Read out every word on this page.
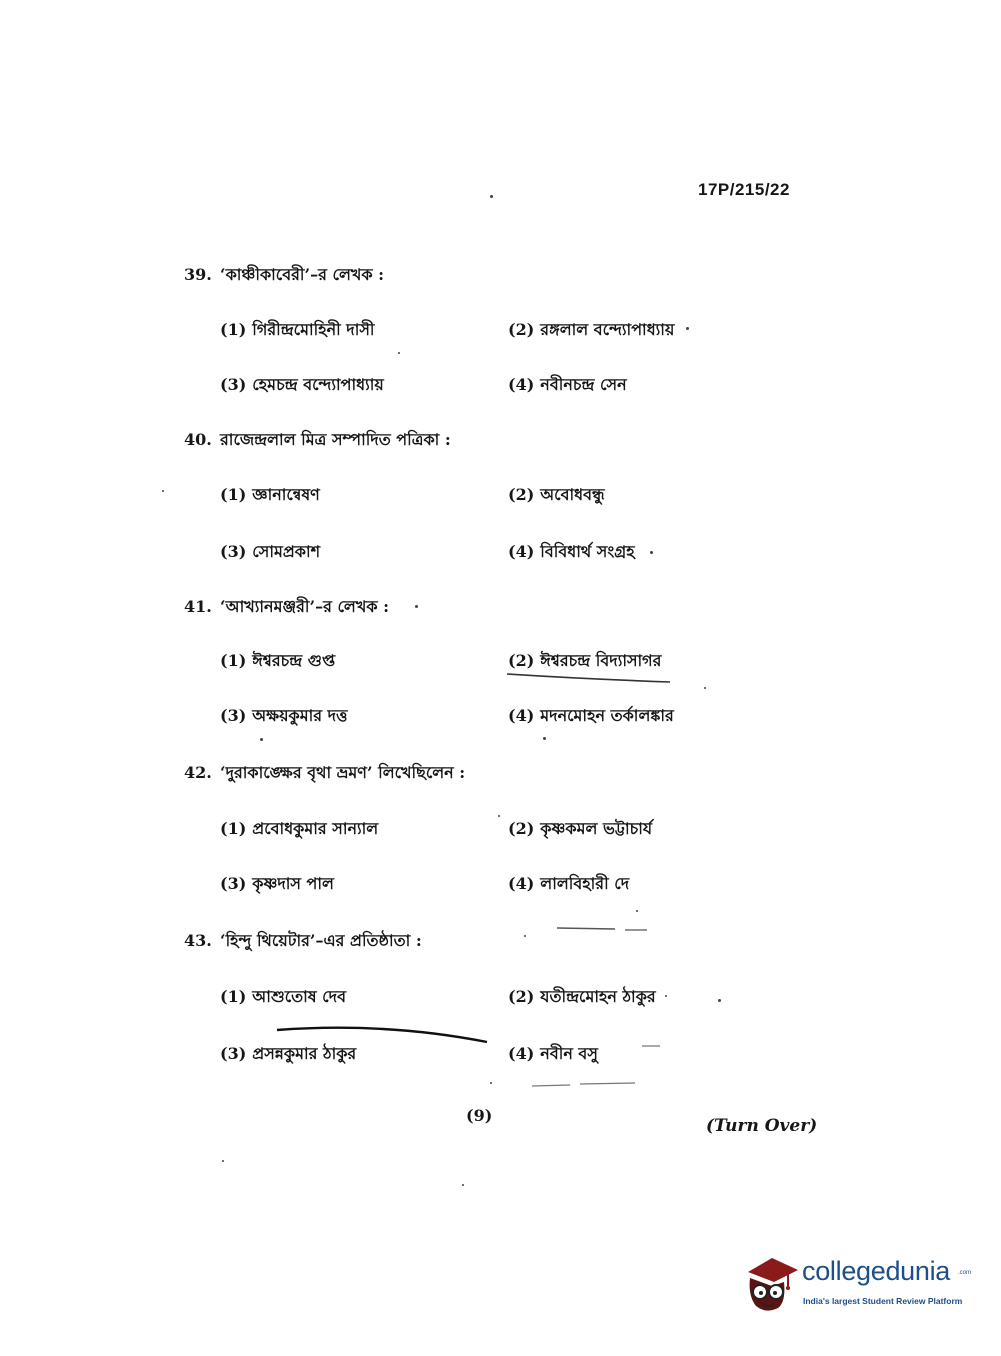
17P/215/22
39. ‘কাঞ্চীকাবেরী’–র লেখক :
(1) গিরীন্দ্রমোহিনী দাসী	(2) রঙ্গলাল বন্দ্যোপাধ্যায়
(3) হেমচন্দ্র বন্দ্যোপাধ্যায়	(4) নবীনচন্দ্র সেন
40. রাজেন্দ্রলাল মিত্র সম্পাদিত পত্রিকা :
(1) জ্ঞানান্বেষণ	(2) অবোধবন্ধু
(3) সোমপ্রকাশ	(4) বিবিধার্থ সংগ্রহ
41. ‘আখ্যানমঞ্জরী’–র লেখক :
(1) ঈশ্বরচন্দ্র গুপ্ত	(2) ঈশ্বরচন্দ্র বিদ্যাসাগর
(3) অক্ষয়কুমার দত্ত	(4) মদনমোহন তর্কালঙ্কার
42. ‘দুরাকাঙ্ক্ষের বৃথা ভ্রমণ’ লিখেছিলেন :
(1) প্রবোধকুমার সান্যাল	(2) কৃষ্ণকমল ভট্টাচার্য
(3) কৃষ্ণদাস পাল	(4) লালবিহারী দে
43. ‘হিন্দু থিয়েটার’–এর প্রতিষ্ঠাতা :
(1) আশুতোষ দেব	(2) যতীন্দ্রমোহন ঠাকুর
(3) প্রসন্নকুমার ঠাকুর	(4) নবীন বসু
(9)
(Turn Over)
collegedunia .com
India's largest Student Review Platform
